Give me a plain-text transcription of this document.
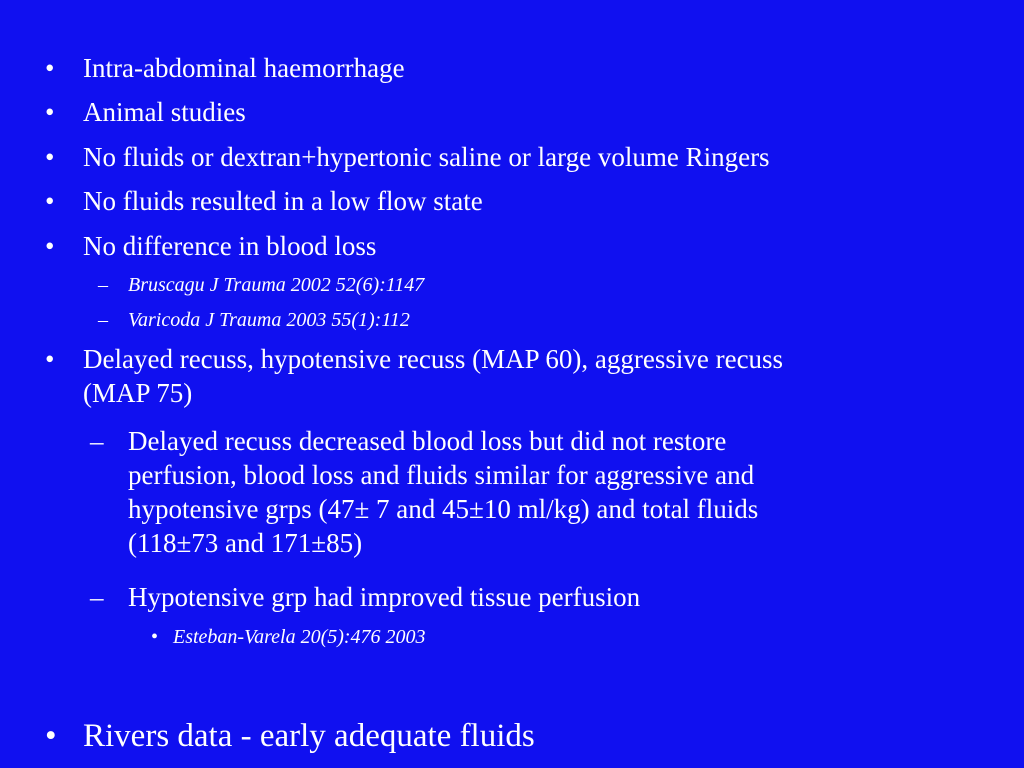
• Intra-abdominal haemorrhage
• Animal studies
• No fluids or dextran+hypertonic saline or large volume Ringers
• No fluids resulted in a low flow state
• No difference in blood loss
– Bruscagu J Trauma 2002 52(6):1147
– Varicoda J Trauma 2003 55(1):112
• Delayed recuss, hypotensive recuss (MAP 60), aggressive recuss
(MAP 75)
– Delayed recuss decreased blood loss but did not restore
perfusion, blood loss and fluids similar for aggressive and
hypotensive grps (47± 7 and 45±10 ml/kg) and total fluids
(118±73 and 171±85)
– Hypotensive grp had improved tissue perfusion
• Esteban-Varela 20(5):476 2003
• Rivers data - early adequate fluids
